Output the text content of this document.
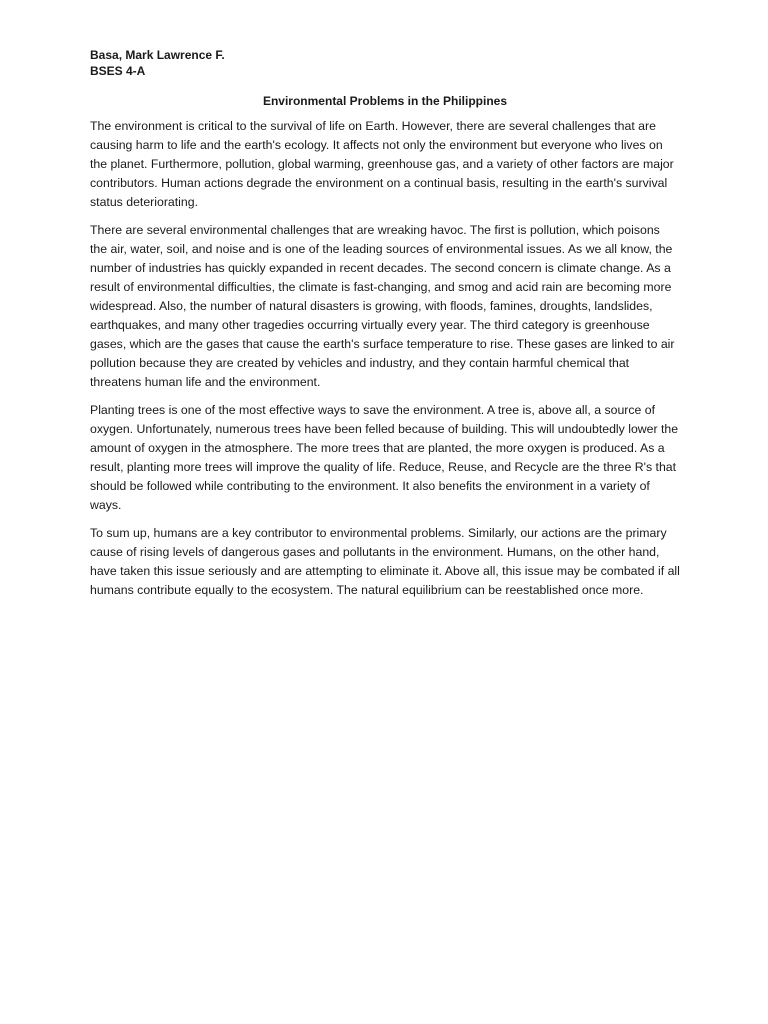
Basa, Mark Lawrence F.

BSES 4-A

Environmental Problems in the Philippines

The environment is critical to the survival of life on Earth. However, there are several challenges that are causing harm to life and the earth's ecology. It affects not only the environment but everyone who lives on the planet. Furthermore, pollution, global warming, greenhouse gas, and a variety of other factors are major contributors. Human actions degrade the environment on a continual basis, resulting in the earth's survival status deteriorating.

There are several environmental challenges that are wreaking havoc. The first is pollution, which poisons the air, water, soil, and noise and is one of the leading sources of environmental issues. As we all know, the number of industries has quickly expanded in recent decades. The second concern is climate change. As a result of environmental difficulties, the climate is fast-changing, and smog and acid rain are becoming more widespread. Also, the number of natural disasters is growing, with floods, famines, droughts, landslides, earthquakes, and many other tragedies occurring virtually every year. The third category is greenhouse gases, which are the gases that cause the earth's surface temperature to rise. These gases are linked to air pollution because they are created by vehicles and industry, and they contain harmful chemical that threatens human life and the environment.

Planting trees is one of the most effective ways to save the environment. A tree is, above all, a source of oxygen. Unfortunately, numerous trees have been felled because of building. This will undoubtedly lower the amount of oxygen in the atmosphere. The more trees that are planted, the more oxygen is produced. As a result, planting more trees will improve the quality of life. Reduce, Reuse, and Recycle are the three R's that should be followed while contributing to the environment. It also benefits the environment in a variety of ways.

To sum up, humans are a key contributor to environmental problems. Similarly, our actions are the primary cause of rising levels of dangerous gases and pollutants in the environment. Humans, on the other hand, have taken this issue seriously and are attempting to eliminate it. Above all, this issue may be combated if all humans contribute equally to the ecosystem. The natural equilibrium can be reestablished once more.
